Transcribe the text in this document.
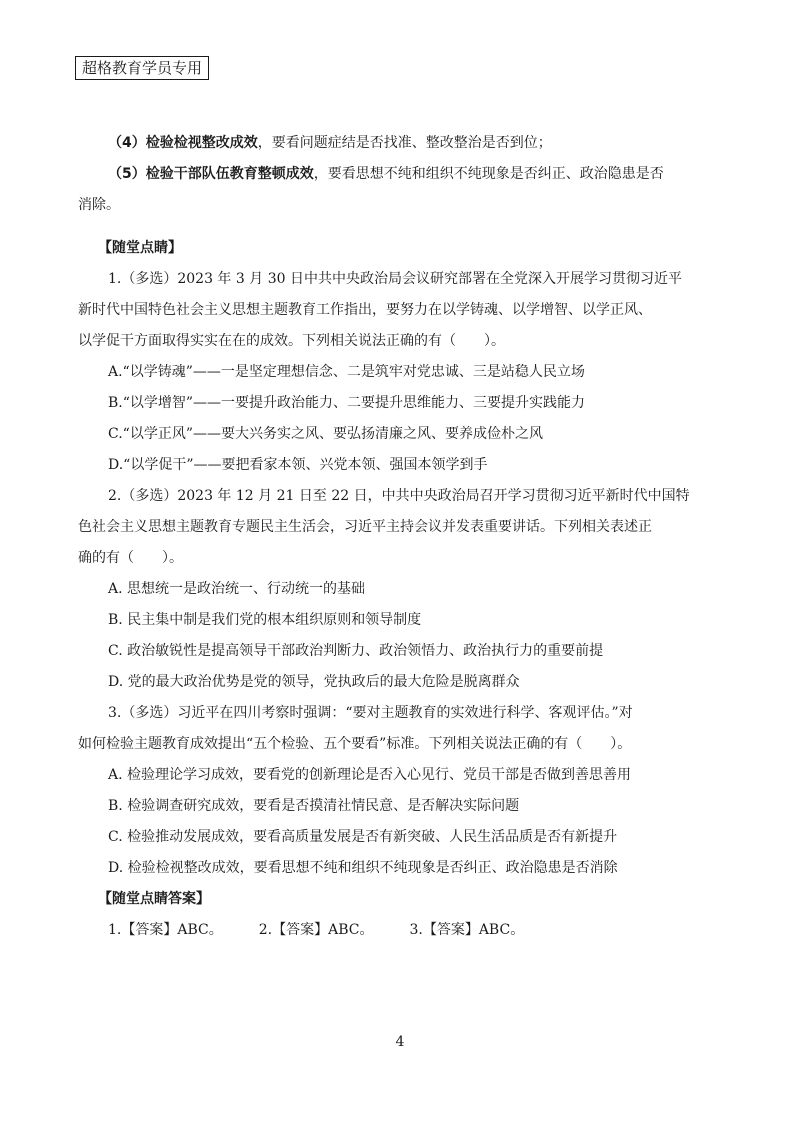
超格教育学员专用
（4）检验检视整改成效，要看问题症结是否找准、整改整治是否到位；
（5）检验干部队伍教育整顿成效，要看思想不纯和组织不纯现象是否纠正、政治隐患是否
消除。
【随堂点睛】
1.（多选）2023 年 3 月 30 日中共中央政治局会议研究部署在全党深入开展学习贯彻习近平
新时代中国特色社会主义思想主题教育工作指出，要努力在以学铸魂、以学增智、以学正风、
以学促干方面取得实实在在的成效。下列相关说法正确的有（　　）。
A.“以学铸魂”——一是坚定理想信念、二是筑牢对党忠诚、三是站稳人民立场
B.“以学增智”——一要提升政治能力、二要提升思维能力、三要提升实践能力
C.“以学正风”——要大兴务实之风、要弘扬清廉之风、要养成俭朴之风
D.“以学促干”——要把看家本领、兴党本领、强国本领学到手
2.（多选）2023 年 12 月 21 日至 22 日，中共中央政治局召开学习贯彻习近平新时代中国特
色社会主义思想主题教育专题民主生活会，习近平主持会议并发表重要讲话。下列相关表述正
确的有（　　）。
A. 思想统一是政治统一、行动统一的基础
B. 民主集中制是我们党的根本组织原则和领导制度
C. 政治敏锐性是提高领导干部政治判断力、政治领悟力、政治执行力的重要前提
D. 党的最大政治优势是党的领导，党执政后的最大危险是脱离群众
3.（多选）习近平在四川考察时强调：“要对主题教育的实效进行科学、客观评估。”对
如何检验主题教育成效提出“五个检验、五个要看”标准。下列相关说法正确的有（　　）。
A. 检验理论学习成效，要看党的创新理论是否入心见行、党员干部是否做到善思善用
B. 检验调查研究成效，要看是否摸清社情民意、是否解决实际问题
C. 检验推动发展成效，要看高质量发展是否有新突破、人民生活品质是否有新提升
D. 检验检视整改成效，要看思想不纯和组织不纯现象是否纠正、政治隐患是否消除
【随堂点睛答案】
1.【答案】ABC。	2.【答案】ABC。	3.【答案】ABC。
4
